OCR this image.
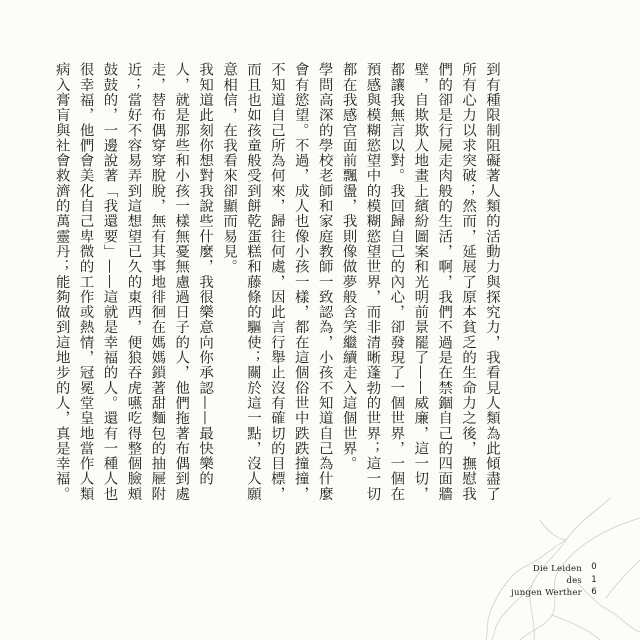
到有種限制阻礙著人類的活動力與探究力，我看見人類為此傾盡了所有心力以求突破；然而，延展了原本貧乏的生命力之後，撫慰我們的卻是行屍走肉般的生活，啊，我們不過是在禁錮自己的四面牆壁，自欺欺人地畫上繽紛圖案和光明前景罷了——威廉，這一切，都讓我無言以對。我回歸自己的內心，卻發現了一個世界，一個在預感與模糊慾望中的模糊慾望世界，而非清晰蓬勃的世界；這一切都在我感官面前飄盪，我則像做夢般含笑繼續走入這個世界。

學問高深的學校老師和家庭教師一致認為，小孩不知道自己為什麼會有慾望。不過，成人也像小孩一樣，都在這個俗世中跌跌撞撞，不知道自己所為何來，歸往何處，因此言行舉止沒有確切的目標，而且也如孩童般受到餅乾蛋糕和藤條的驅使；關於這一點，沒人願意相信，在我看來卻顯而易見。

我知道此刻你想對我說些什麼，我很樂意向你承認——最快樂的人，就是那些和小孩一樣無憂無慮過日子的人，他們拖著布偶到處走，替布偶穿穿脫脫，無有其事地徘徊在媽媽鎖著甜麵包的抽屜附近；當好不容易弄到這想望已久的東西，便狼吞虎嚥吃得整個臉頰鼓鼓的，一邊說著「我還要」——這就是幸福的人。還有一種人也很幸福，他們會美化自己卑微的工作或熱情，冠冕堂皇地當作人類病入膏肓與社會救濟的萬靈丹；能夠做到這地步的人，真是幸福。

Die Leiden
des
jungen Werther
0
1
6
